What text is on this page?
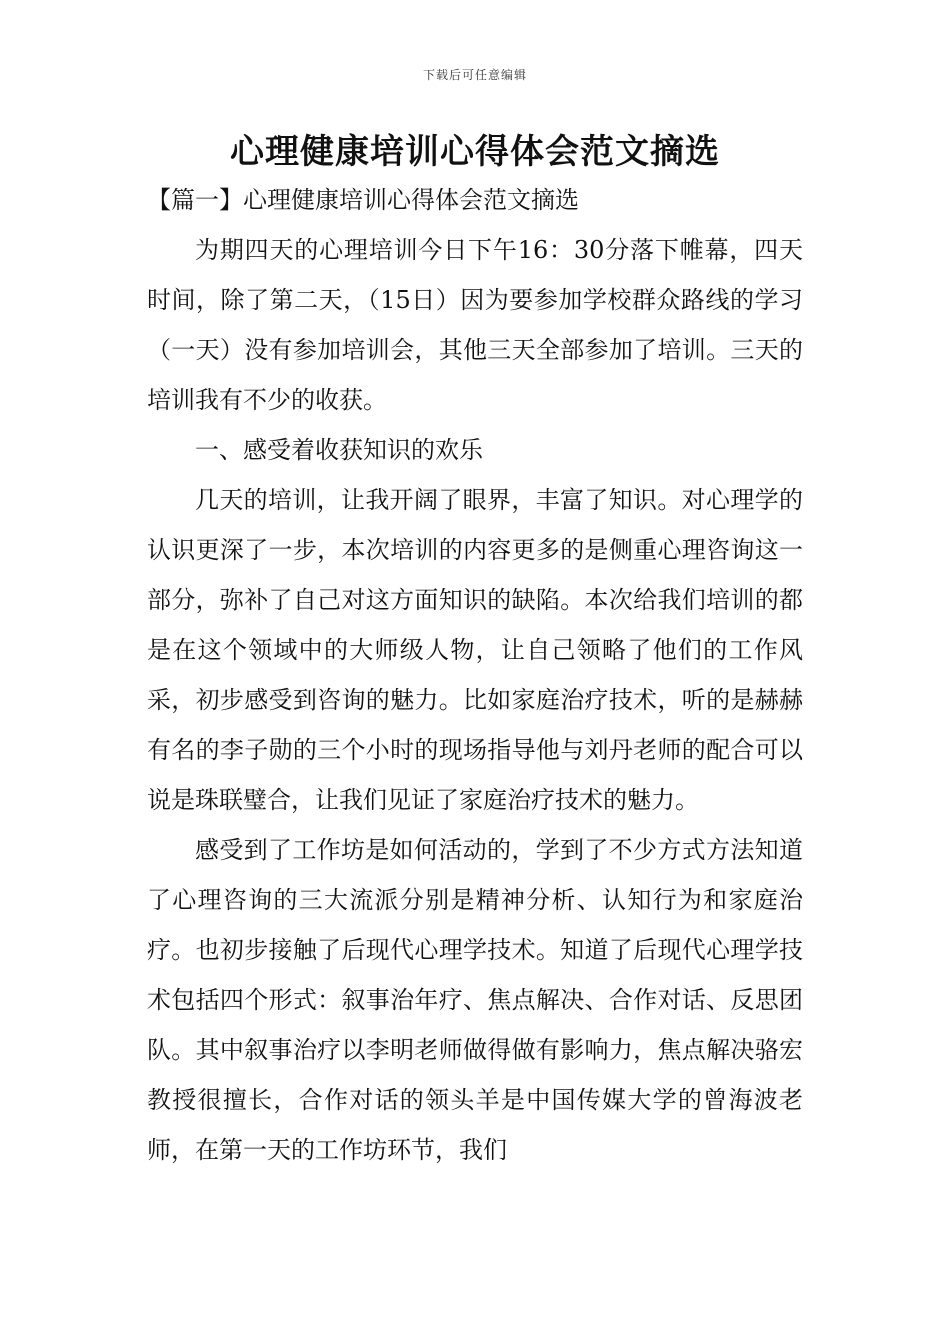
下载后可任意编辑
心理健康培训心得体会范文摘选
【篇一】心理健康培训心得体会范文摘选

为期四天的心理培训今日下午16：30分落下帷幕，四天时间，除了第二天，（15日）因为要参加学校群众路线的学习（一天）没有参加培训会，其他三天全部参加了培训。三天的培训我有不少的收获。

一、感受着收获知识的欢乐

几天的培训，让我开阔了眼界，丰富了知识。对心理学的认识更深了一步，本次培训的内容更多的是侧重心理咨询这一部分，弥补了自己对这方面知识的缺陷。本次给我们培训的都是在这个领域中的大师级人物，让自己领略了他们的工作风采，初步感受到咨询的魅力。比如家庭治疗技术，听的是赫赫有名的李子勋的三个小时的现场指导他与刘丹老师的配合可以说是珠联璧合，让我们见证了家庭治疗技术的魅力。

感受到了工作坊是如何活动的，学到了不少方式方法知道了心理咨询的三大流派分别是精神分析、认知行为和家庭治疗。也初步接触了后现代心理学技术。知道了后现代心理学技术包括四个形式：叙事治年疗、焦点解决、合作对话、反思团队。其中叙事治疗以李明老师做得做有影响力，焦点解决骆宏教授很擅长，合作对话的领头羊是中国传媒大学的曾海波老师，在第一天的工作坊环节，我们
